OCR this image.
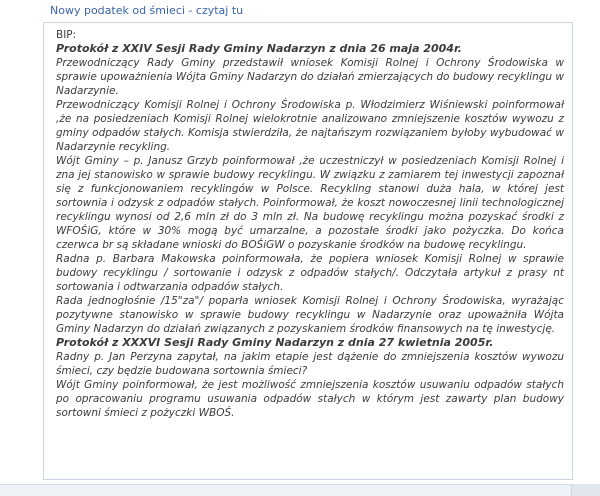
Nowy podatek od śmieci - czytaj tu

BIP:

Protokół z XXIV Sesji Rady Gminy Nadarzyn z dnia 26 maja 2004r.

Przewodniczący Rady Gminy przedstawił wniosek Komisji Rolnej i Ochrony Środowiska w sprawie upoważnienia Wójta Gminy Nadarzyn do działań zmierzających do budowy recyklingu w Nadarzynie.

Przewodniczący Komisji Rolnej i Ochrony Środowiska p. Włodzimierz Wiśniewski poinformował ,że na posiedzeniach Komisji Rolnej wielokrotnie analizowano zmniejszenie kosztów wywozu z gminy odpadów stałych. Komisja stwierdziła, że najtańszym rozwiązaniem byłoby wybudować w Nadarzynie recykling.

Wójt Gminy – p. Janusz Grzyb poinformował ,że uczestniczył w posiedzeniach Komisji Rolnej i zna jej stanowisko w sprawie budowy recyklingu. W związku z zamiarem tej inwestycji zapoznał się z funkcjonowaniem recyklingów w Polsce. Recykling stanowi duża hala, w której jest sortownia i odzysk z odpadów stałych. Poinformował, że koszt nowoczesnej linii technologicznej recyklingu wynosi od 2,6 mln zł do 3 mln zł. Na budowę recyklingu można pozyskać środki z WFOŚiG, które w 30% mogą być umarzalne, a pozostałe środki jako pożyczka. Do końca czerwca br są składane wnioski do BOŚiGW o pozyskanie środków na budowę recyklingu.

Radna p. Barbara Makowska poinformowała, że popiera wniosek Komisji Rolnej w sprawie budowy recyklingu / sortowanie i odzysk z odpadów stałych/. Odczytała artykuł z prasy nt sortowania i odtwarzania odpadów stałych.

Rada jednogłośnie /15"za"/ poparła wniosek Komisji Rolnej i Ochrony Środowiska, wyrażając pozytywne stanowisko w sprawie budowy recyklingu w Nadarzynie oraz upoważniła Wójta Gminy Nadarzyn do działań związanych z pozyskaniem środków finansowych na tę inwestycję.

Protokół z XXXVI Sesji Rady Gminy Nadarzyn z dnia 27 kwietnia 2005r.

Radny p. Jan Perzyna zapytał, na jakim etapie jest dążenie do zmniejszenia kosztów wywozu śmieci, czy będzie budowana sortownia śmieci?

Wójt Gminy poinformował, że jest możliwość zmniejszenia kosztów usuwaniu odpadów stałych po opracowaniu programu usuwania odpadów stałych w którym jest zawarty plan budowy sortowni śmieci z pożyczki WBOŚ.
